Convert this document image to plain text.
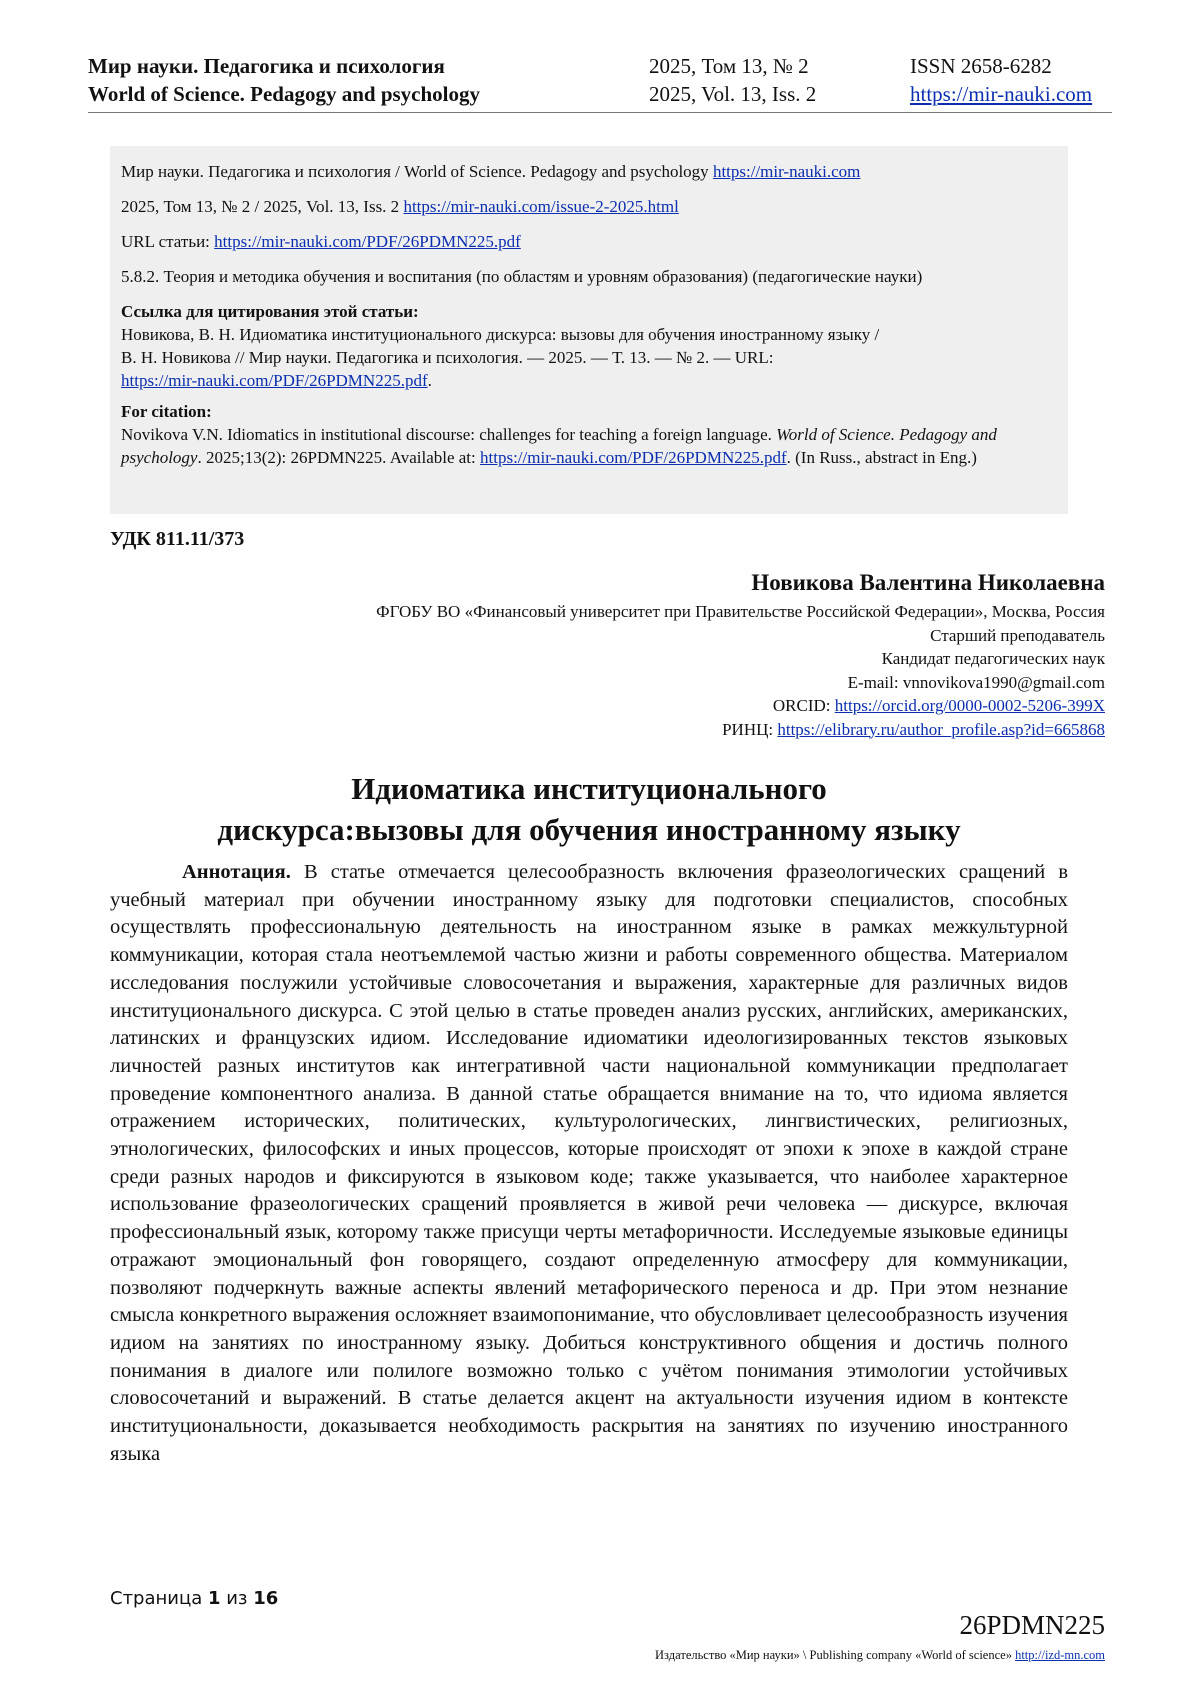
Мир науки. Педагогика и психология
World of Science. Pedagogy and psychology
2025, Том 13, № 2
2025, Vol. 13, Iss. 2
ISSN 2658-6282
https://mir-nauki.com
Мир науки. Педагогика и психология / World of Science. Pedagogy and psychology https://mir-nauki.com
2025, Том 13, № 2 / 2025, Vol. 13, Iss. 2 https://mir-nauki.com/issue-2-2025.html
URL статьи: https://mir-nauki.com/PDF/26PDMN225.pdf
5.8.2. Теория и методика обучения и воспитания (по областям и уровням образования) (педагогические науки)
Ссылка для цитирования этой статьи:
Новикова, В. Н. Идиоматика институционального дискурса: вызовы для обучения иностранному языку /
В. Н. Новикова // Мир науки. Педагогика и психология. — 2025. — Т. 13. — № 2. — URL:
https://mir-nauki.com/PDF/26PDMN225.pdf.
For citation:
Novikova V.N. Idiomatics in institutional discourse: challenges for teaching a foreign language. World of Science. Pedagogy and psychology. 2025;13(2): 26PDMN225. Available at: https://mir-nauki.com/PDF/26PDMN225.pdf. (In Russ., abstract in Eng.)
УДК 811.11/373
Новикова Валентина Николаевна
ФГОБУ ВО «Финансовый университет при Правительстве Российской Федерации», Москва, Россия
Старший преподаватель
Кандидат педагогических наук
E-mail: vnnovikova1990@gmail.com
ORCID: https://orcid.org/0000-0002-5206-399X
РИНЦ: https://elibrary.ru/author_profile.asp?id=665868
Идиоматика институционального
дискурса:вызовы для обучения иностранному языку
Аннотация. В статье отмечается целесообразность включения фразеологических сращений в учебный материал при обучении иностранному языку для подготовки специалистов, способных осуществлять профессиональную деятельность на иностранном языке в рамках межкультурной коммуникации, которая стала неотъемлемой частью жизни и работы современного общества. Материалом исследования послужили устойчивые словосочетания и выражения, характерные для различных видов институционального дискурса. С этой целью в статье проведен анализ русских, английских, американских, латинских и французских идиом. Исследование идиоматики идеологизированных текстов языковых личностей разных институтов как интегративной части национальной коммуникации предполагает проведение компонентного анализа. В данной статье обращается внимание на то, что идиома является отражением исторических, политических, культурологических, лингвистических, религиозных, этнологических, философских и иных процессов, которые происходят от эпохи к эпохе в каждой стране среди разных народов и фиксируются в языковом коде; также указывается, что наиболее характерное использование фразеологических сращений проявляется в живой речи человека — дискурсе, включая профессиональный язык, которому также присущи черты метафоричности. Исследуемые языковые единицы отражают эмоциональный фон говорящего, создают определенную атмосферу для коммуникации, позволяют подчеркнуть важные аспекты явлений метафорического переноса и др. При этом незнание смысла конкретного выражения осложняет взаимопонимание, что обусловливает целесообразность изучения идиом на занятиях по иностранному языку. Добиться конструктивного общения и достичь полного понимания в диалоге или полилоге возможно только с учётом понимания этимологии устойчивых словосочетаний и выражений. В статье делается акцент на актуальности изучения идиом в контексте институциональности, доказывается необходимость раскрытия на занятиях по изучению иностранного языка
Страница 1 из 16
26PDMN225
Издательство «Мир науки» \ Publishing company «World of science» http://izd-mn.com
